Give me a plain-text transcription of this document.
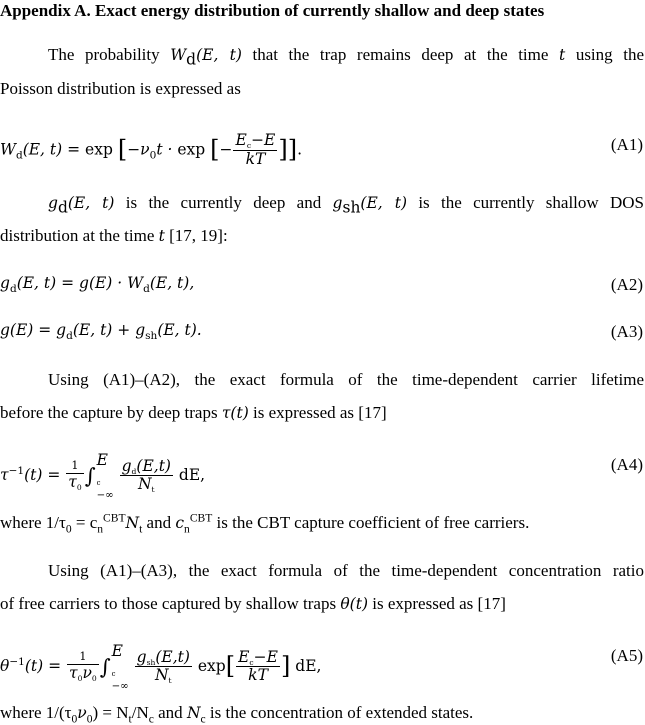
Appendix A. Exact energy distribution of currently shallow and deep states
The probability $W_d(E$, t) that the trap remains deep at the time t using the
Poisson distribution is expressed as
$W_d(E$, $t) = \exp [-\nu_0t \cdot \exp$ [− $\frac{E_c-E}{kT}$ ]].	(A1)
$g_d(E$, t) is the currently deep and $g_{sh}(E$, t) is the currently shallow DOS
distribution at the time t [17, 19]:
$g_d(E$, $t) = g(E) \cdot W_d(E$, t),	(A2)
$g(E) = g_d(E$, $t) + g_{sh}(E$, t).	(A3)
Using (A1)–(A2), the exact formula of the time-dependent carrier lifetime
before the capture by deep traps τ(t) is expressed as [17]
$\tau^{-1}(t) = \frac{1}{\tau_0}$ ∫
E
$_c$
−∞

$\frac{g_d(E,t)}{N_t}$ dE,
(A4)
where $1/\tau_0 = c_n^{CBT}N_t$ and $c_n^{CBT}$ is the CBT capture coefficient of free carriers.
Using (A1)–(A3), the exact formula of the time-dependent concentration ratio
of free carriers to those captured by shallow traps θ(t) is expressed as [17]
$\theta^{-1}(t) = \frac{1}{\tau_0\nu_0}$ ∫
E
$_c$
−∞

$\frac{g_{sh}(E,t)}{N_t} \exp[ \frac{E_c-E}{kT}$ ] dE,
(A5)
where $1/(\tau_0\nu_0) = N_t/N_c$ and $N_c$ is the concentration of extended states.
